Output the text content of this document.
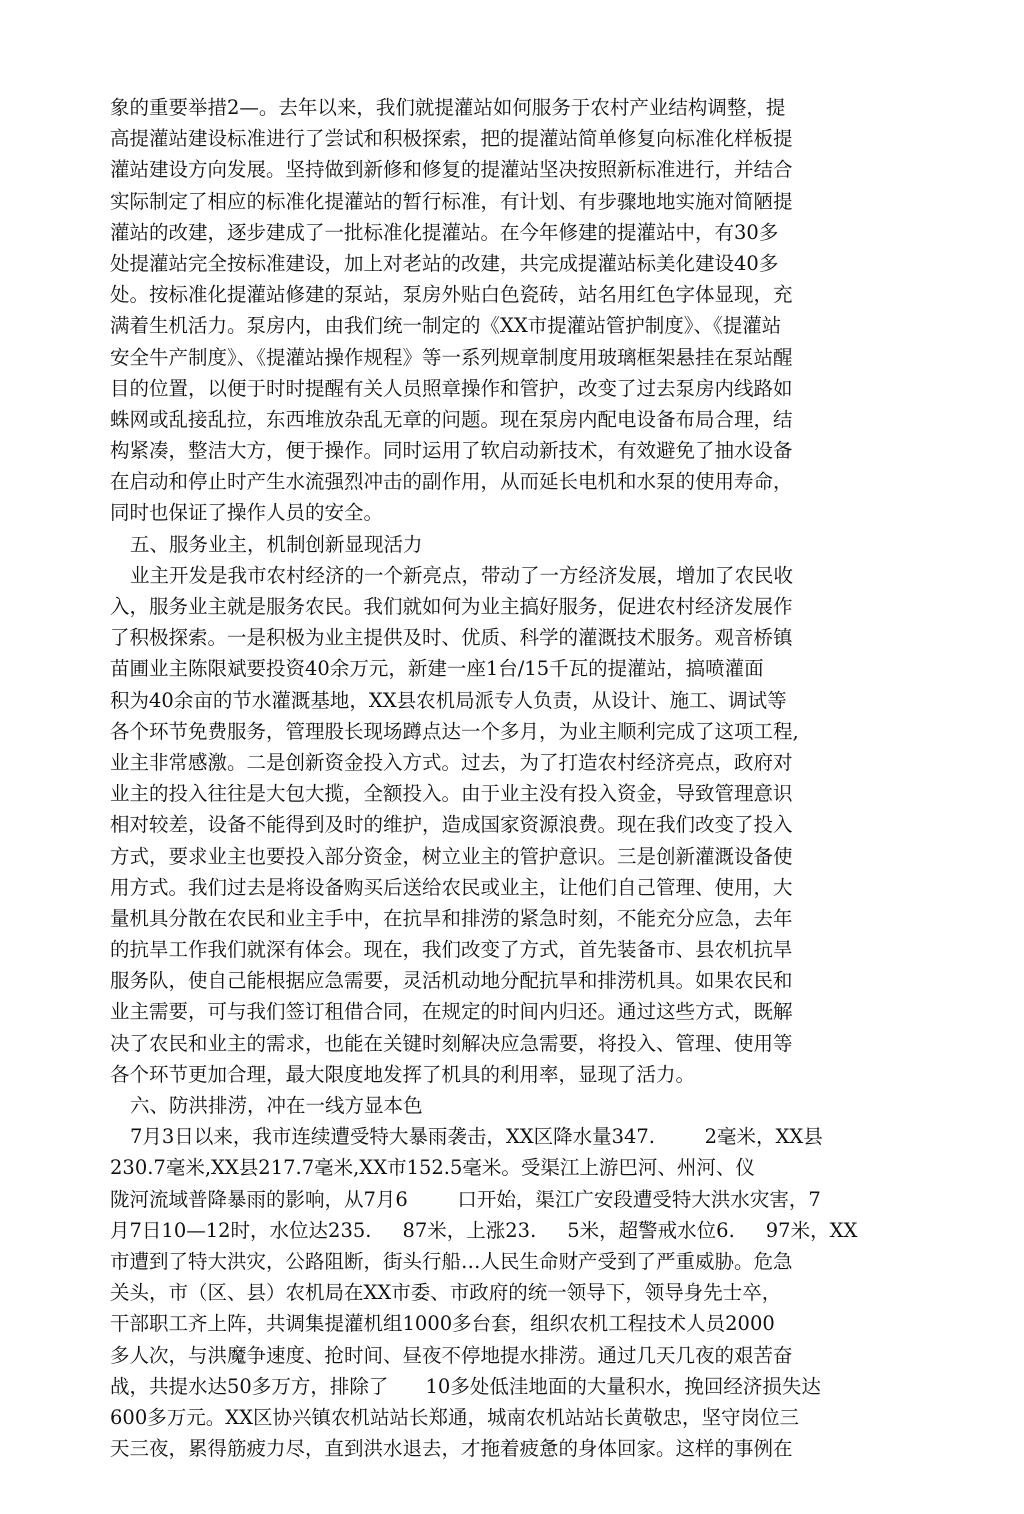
象的重要举措2—。去年以来，我们就提灌站如何服务于农村产业结构调整，提
高提灌站建设标准进行了尝试和积极探索，把的提灌站简单修复向标准化样板提
灌站建设方向发展。坚持做到新修和修复的提灌站坚决按照新标准进行，并结合
实际制定了相应的标准化提灌站的暂行标准，有计划、有步骤地地实施对简陋提
灌站的改建，逐步建成了一批标准化提灌站。在今年修建的提灌站中，有30多
处提灌站完全按标准建设，加上对老站的改建，共完成提灌站标美化建设40多
处。按标准化提灌站修建的泵站，泵房外贴白色瓷砖，站名用红色字体显现，充
满着生机活力。泵房内，由我们统一制定的《XX市提灌站管护制度》、《提灌站
安全牛产制度》、《提灌站操作规程》等一系列规章制度用玻璃框架悬挂在泵站醒
目的位置，以便于时时提醒有关人员照章操作和管护，改变了过去泵房内线路如
蛛网或乱接乱拉，东西堆放杂乱无章的问题。现在泵房内配电设备布局合理，结
构紧凑，整洁大方，便于操作。同时运用了软启动新技术，有效避免了抽水设备
在启动和停止时产生水流强烈冲击的副作用，从而延长电机和水泵的使用寿命，
同时也保证了操作人员的安全。
五、服务业主，机制创新显现活力
业主开发是我市农村经济的一个新亮点，带动了一方经济发展，增加了农民收
入，服务业主就是服务农民。我们就如何为业主搞好服务，促进农村经济发展作
了积极探索。一是积极为业主提供及时、优质、科学的灌溉技术服务。观音桥镇
苗圃业主陈限斌要投资40余万元，新建一座1台/15千瓦的提灌站，搞喷灌面
积为40余亩的节水灌溉基地，XX县农机局派专人负责，从设计、施工、调试等
各个环节免费服务，管理股长现场蹲点达一个多月，为业主顺利完成了这项工程,
业主非常感激。二是创新资金投入方式。过去，为了打造农村经济亮点，政府对
业主的投入往往是大包大揽，全额投入。由于业主没有投入资金，导致管理意识
相对较差，设备不能得到及时的维护，造成国家资源浪费。现在我们改变了投入
方式，要求业主也要投入部分资金，树立业主的管护意识。三是创新灌溉设备使
用方式。我们过去是将设备购买后送给农民或业主，让他们自己管理、使用，大
量机具分散在农民和业主手中，在抗旱和排涝的紧急时刻，不能充分应急，去年
的抗旱工作我们就深有体会。现在，我们改变了方式，首先装备市、县农机抗旱
服务队，使自己能根据应急需要，灵活机动地分配抗旱和排涝机具。如果农民和
业主需要，可与我们签订租借合同，在规定的时间内归还。通过这些方式，既解
决了农民和业主的需求，也能在关键时刻解决应急需要，将投入、管理、使用等
各个环节更加合理，最大限度地发挥了机具的利用率，显现了活力。
六、防洪排涝，冲在一线方显本色
7月3日以来，我市连续遭受特大暴雨袭击，XX区降水量347.        2毫米，XX县
230.7毫米,XX县217.7毫米,XX市152.5毫米。受渠江上游巴河、州河、仪
陇河流域普降暴雨的影响，从7月6        口开始，渠江广安段遭受特大洪水灾害，7
月7日10—12时，水位达235.     87米，上涨23.     5米，超警戒水位6.     97米，XX
市遭到了特大洪灾，公路阻断，街头行船…人民生命财产受到了严重威胁。危急
关头，市（区、县）农机局在XX市委、市政府的统一领导下，领导身先士卒，
干部职工齐上阵，共调集提灌机组1000多台套，组织农机工程技术人员2000
多人次，与洪魔争速度、抢时间、昼夜不停地提水排涝。通过几天几夜的艰苦奋
战，共提水达50多万方，排除了      10多处低洼地面的大量积水，挽回经济损失达
600多万元。XX区协兴镇农机站站长郑通，城南农机站站长黄敬忠，坚守岗位三
天三夜，累得筋疲力尽，直到洪水退去，才拖着疲惫的身体回家。这样的事例在
